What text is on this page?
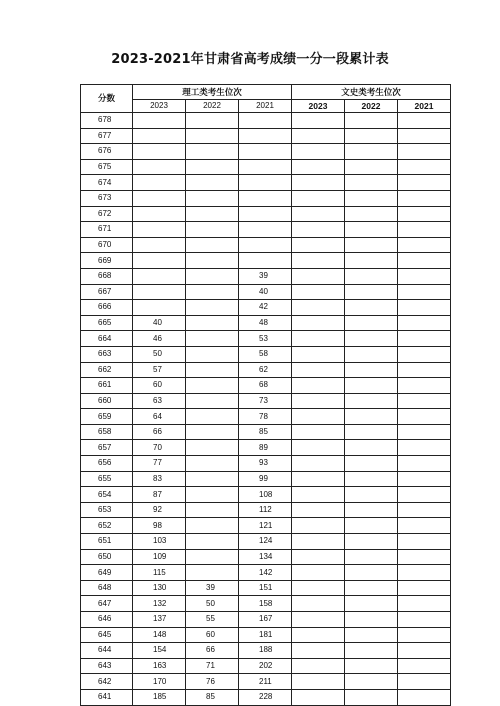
2023-2021年甘肃省高考成绩一分一段累计表
分数	理工类考生位次			文史类考生位次		
	2023	2022	2021	2023	2022	2021
678						
677						
676						
675						
674						
673						
672						
671						
670						
669						
668			39			
667			40			
666			42			
665	40		48			
664	46		53			
663	50		58			
662	57		62			
661	60		68			
660	63		73			
659	64		78			
658	66		85			
657	70		89			
656	77		93			
655	83		99			
654	87		108			
653	92		112			
652	98		121			
651	103		124			
650	109		134			
649	115		142			
648	130	39	151			
647	132	50	158			
646	137	55	167			
645	148	60	181			
644	154	66	188			
643	163	71	202			
642	170	76	211			
641	185	85	228			
